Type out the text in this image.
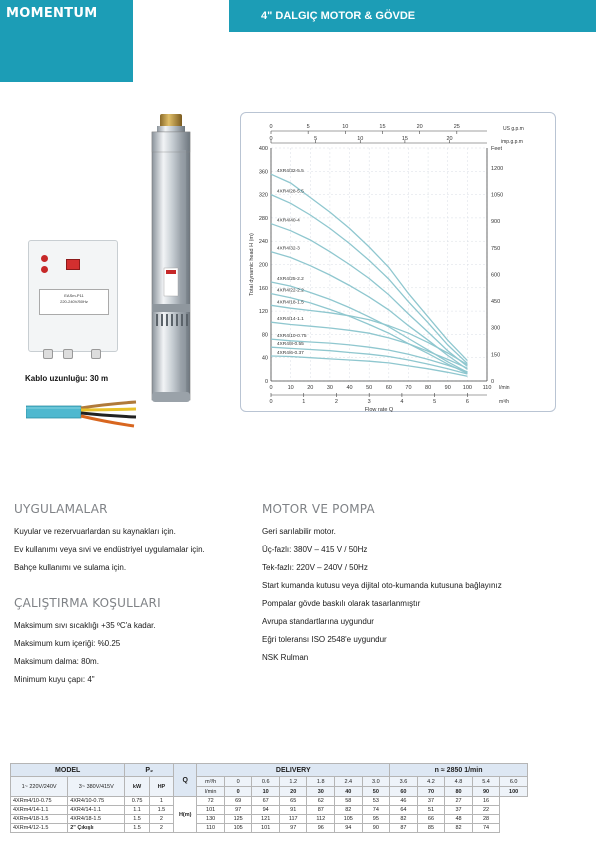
MOMENTUM	4" DALGIÇ MOTOR & GÖVDE
EASm-P11
220-240V/50Hz
Kablo uzunluğu: 30 m	0
40
80
120
160
200
240
280
320
360
400
0
150
300
450
600
750
900
1050
1200
Feet
0	10 20 30 40 50 60 70 80 90 100 110 l/min
0	1	2	3	4	5	6	m³/h
0	5	10	15	20	25	US g.p.m
0	5	10	15	20	imp.g.p.m
Total dynamic head H (m)
Flow rate Q
4XR4/32-5.5
4XR4/28-5.5
4XR4/40-4
4XR4/32-3
4XR4/25-2.2
4XR4/22-2.2
4XR4/18-1.5
4XR4/14-1.1
4XR4/10-0.75
4XR4/8-0.55
4XR4/6-0.37
UYGULAMALAR
Kuyular ve rezervuarlardan su kaynakları için.
Ev kullanımı veya sıvi ve endüstriyel uygulamalar için.
Bahçe kullanımı ve sulama için.
ÇALIŞTIRMA KOŞULLARI
Maksimum sıvı sıcaklığı +35 ºC'a kadar.
Maksimum kum içeriği: %0.25
Maksimum dalma: 80m.
Minimum kuyu çapı: 4"
MOTOR VE POMPA
Geri sarılabilir motor.
Üç-fazlı: 380V – 415 V / 50Hz
Tek-fazlı: 220V – 240V / 50Hz
Start kumanda kutusu veya dijital oto-kumanda kutusuna bağlayınız
Pompalar gövde baskılı olarak tasarlanmıştır
Avrupa standartlarına uygundur
Eğri toleransı ISO 2548'e uygundur
NSK Rulman
MODEL		P₂		Q	DELIVERY							n ≈ 2850 1/min				
1~ 220V/240V	3~ 380V/415V	kW	HP		m³/h	0	0.6	1.2	1.8	2.4	3.0	3.6	4.2	4.8	5.4	6.0
					l/min	0	10	20	30	40	50	60	70	80	90	100
4XRm4/10-0.75	4XR4/10-0.75	0.75	1	H(m)	72	69	67	65	62	58	53	46	37	27	16	
4XRm4/14-1.1	4XR4/14-1.1	1.1	1.5		101	97	94	91	87	82	74	64	51	37	22	
4XRm4/18-1.5	4XR4/18-1.5	1.5	2		130	125	121	117	112	105	95	82	66	48	28	
4XRm4/12-1.5	2" Çıkışlı	1.5	2		110	105	101	97	96	94	90	87	85	82	74	
